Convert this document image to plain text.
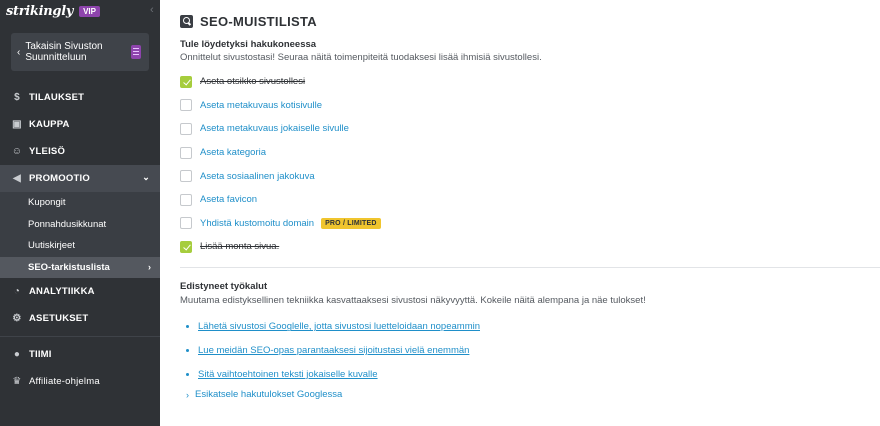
strikingly	VIP	‹
‹ Takaisin Sivuston Suunnitteluun
$ TILAUKSET
▣ KAUPPA
☺ YLEISÖ
◀ PROMOOTIO	⌄
Kupongit
Ponnahdusikkunat
Uutiskirjeet
SEO-tarkistuslista	›
◔ ANALYTIIKKA
⚙ ASETUKSET
● TIIMI
♛ Affiliate-ohjelma
SEO-MUISTILISTA
Tule löydetyksi hakukoneessa
Onnittelut sivustostasi! Seuraa näitä toimenpiteitä tuodaksesi lisää ihmisiä sivustollesi.
Aseta otsikko sivustollesi
Aseta metakuvaus kotisivulle
Aseta metakuvaus jokaiselle sivulle
Aseta kategoria
Aseta sosiaalinen jakokuva
Aseta favicon
Yhdistä kustomoitu domain	PRO / LIMITED
Lisää monta sivua.
Edistyneet työkalut
Muutama edistyksellinen tekniikka kasvattaaksesi sivustosi näkyvyyttä. Kokeile näitä alempana ja näe tulokset!
Lähetä sivustosi Googlelle, jotta sivustosi luetteloidaan nopeammin
Lue meidän SEO-opas parantaaksesi sijoitustasi vielä enemmän
Sitä vaihtoehtoinen teksti jokaiselle kuvalle
› Esikatsele hakutulokset Googlessa
